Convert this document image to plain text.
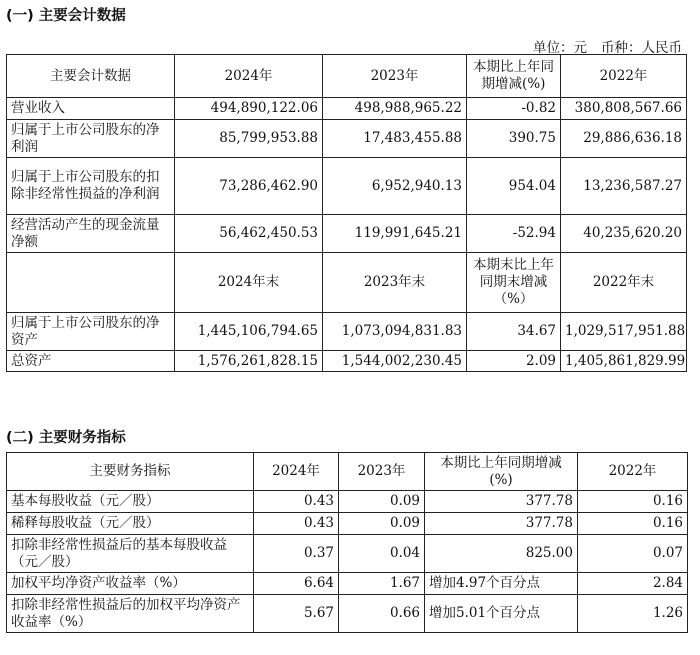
(一) 主要会计数据
单位：元 币种：人民币
主要会计数据	2024年	2023年	本期比上年同期增减(%)	2022年
营业收入	494,890,122.06	498,988,965.22	-0.82	380,808,567.66
归属于上市公司股东的净利润	85,799,953.88	17,483,455.88	390.75	29,886,636.18
归属于上市公司股东的扣除非经常性损益的净利润	73,286,462.90	6,952,940.13	954.04	13,236,587.27
经营活动产生的现金流量净额	56,462,450.53	119,991,645.21	-52.94	40,235,620.20
	2024年末	2023年末	本期末比上年同期末增减（%）	2022年末
归属于上市公司股东的净资产	1,445,106,794.65	1,073,094,831.83	34.67	1,029,517,951.88
总资产	1,576,261,828.15	1,544,002,230.45	2.09	1,405,861,829.99
(二) 主要财务指标
主要财务指标	2024年	2023年	本期比上年同期增减(%)	2022年
基本每股收益（元／股）	0.43	0.09	377.78	0.16
稀释每股收益（元／股）	0.43	0.09	377.78	0.16
扣除非经常性损益后的基本每股收益（元／股）	0.37	0.04	825.00	0.07
加权平均净资产收益率（%）	6.64	1.67	增加4.97个百分点	2.84
扣除非经常性损益后的加权平均净资产收益率（%）	5.67	0.66	增加5.01个百分点	1.26
